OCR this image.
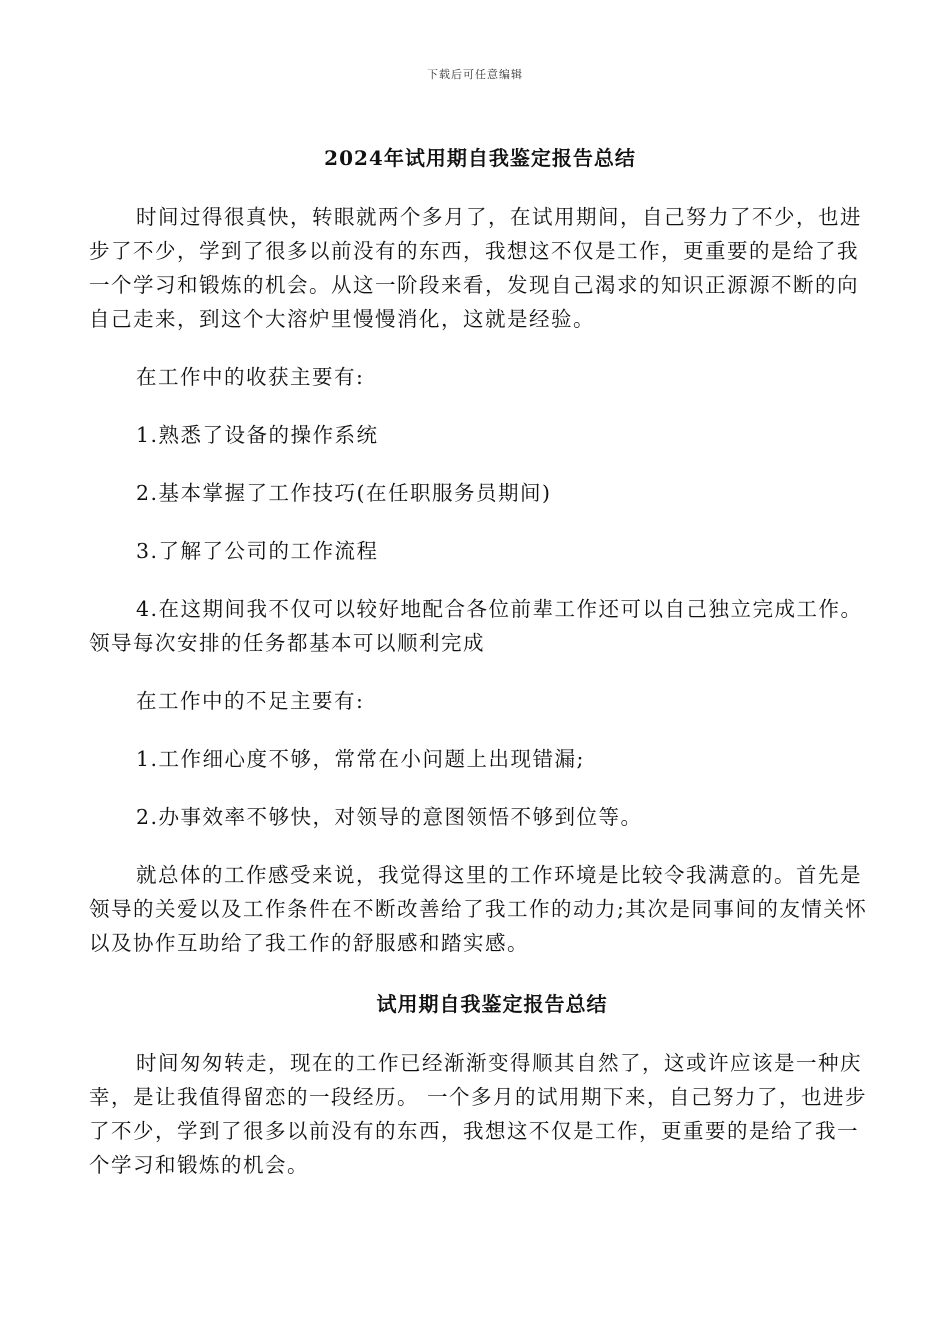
下载后可任意编辑
2024年试用期自我鉴定报告总结

时间过得很真快，转眼就两个多月了，在试用期间，自己努力了不少，也进步了不少，学到了很多以前没有的东西，我想这不仅是工作，更重要的是给了我一个学习和锻炼的机会。从这一阶段来看，发现自己渴求的知识正源源不断的向自己走来，到这个大溶炉里慢慢消化，这就是经验。

在工作中的收获主要有:

1.熟悉了设备的操作系统

2.基本掌握了工作技巧(在任职服务员期间)

3.了解了公司的工作流程

4.在这期间我不仅可以较好地配合各位前辈工作还可以自己独立完成工作。领导每次安排的任务都基本可以顺利完成

在工作中的不足主要有:

1.工作细心度不够，常常在小问题上出现错漏;

2.办事效率不够快，对领导的意图领悟不够到位等。

就总体的工作感受来说，我觉得这里的工作环境是比较令我满意的。首先是领导的关爱以及工作条件在不断改善给了我工作的动力;其次是同事间的友情关怀以及协作互助给了我工作的舒服感和踏实感。

试用期自我鉴定报告总结

时间匆匆转走，现在的工作已经渐渐变得顺其自然了，这或许应该是一种庆幸，是让我值得留恋的一段经历。 一个多月的试用期下来，自己努力了，也进步了不少，学到了很多以前没有的东西，我想这不仅是工作，更重要的是给了我一个学习和锻炼的机会。
